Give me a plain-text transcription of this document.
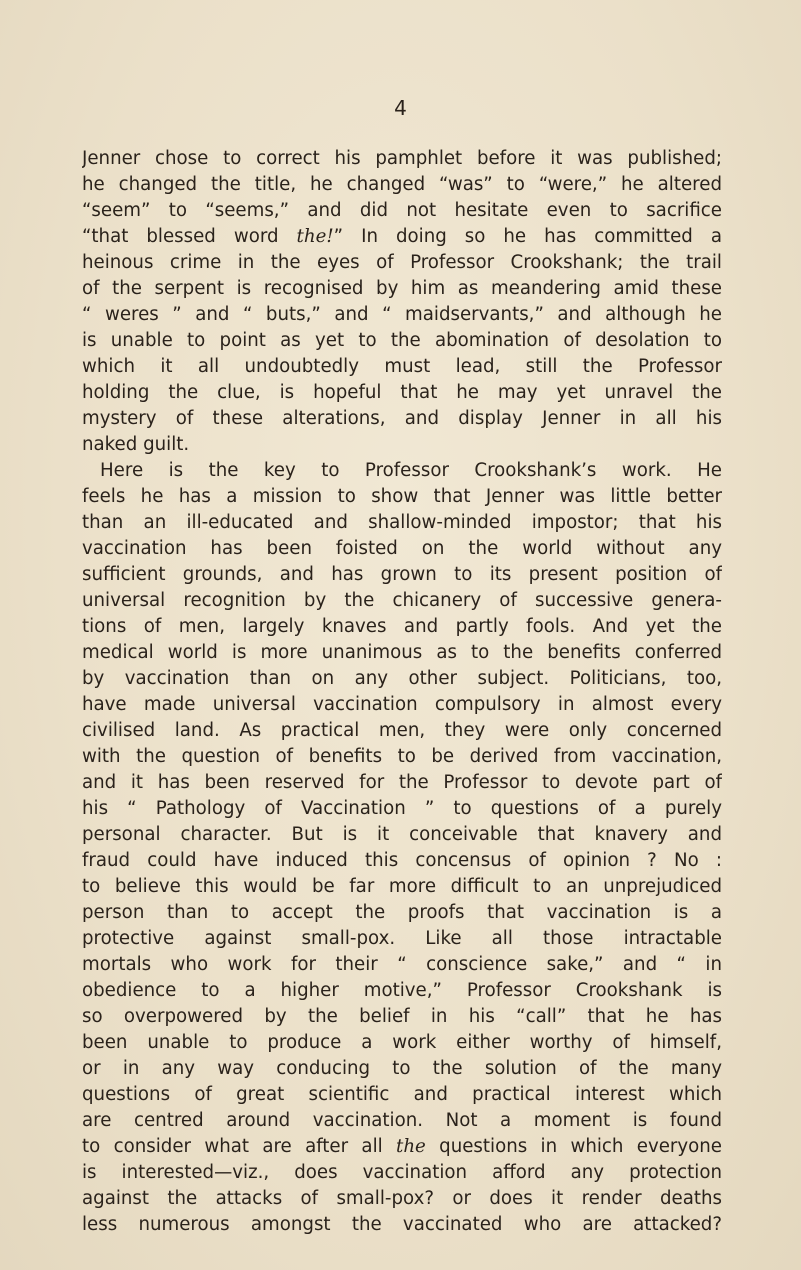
4
Jenner chose to correct his pamphlet before it was published;
he changed the title, he changed “was” to “were,” he altered
“seem” to “seems,” and did not hesitate even to sacrifice
“that blessed word the!” In doing so he has committed a
heinous crime in the eyes of Professor Crookshank; the trail
of the serpent is recognised by him as meandering amid these
“ weres ” and “ buts,” and “ maidservants,” and although he
is unable to point as yet to the abomination of desolation to
which it all undoubtedly must lead, still the Professor
holding the clue, is hopeful that he may yet unravel the
mystery of these alterations, and display Jenner in all his
naked guilt.
Here is the key to Professor Crookshank’s work. He
feels he has a mission to show that Jenner was little better
than an ill-educated and shallow-minded impostor; that his
vaccination has been foisted on the world without any
sufficient grounds, and has grown to its present position of
universal recognition by the chicanery of successive genera-
tions of men, largely knaves and partly fools. And yet the
medical world is more unanimous as to the benefits conferred
by vaccination than on any other subject. Politicians, too,
have made universal vaccination compulsory in almost every
civilised land. As practical men, they were only concerned
with the question of benefits to be derived from vaccination,
and it has been reserved for the Professor to devote part of
his “ Pathology of Vaccination ” to questions of a purely
personal character. But is it conceivable that knavery and
fraud could have induced this concensus of opinion ? No :
to believe this would be far more difficult to an unprejudiced
person than to accept the proofs that vaccination is a
protective against small-pox. Like all those intractable
mortals who work for their “ conscience sake,” and “ in
obedience to a higher motive,” Professor Crookshank is
so overpowered by the belief in his “call” that he has
been unable to produce a work either worthy of himself,
or in any way conducing to the solution of the many
questions of great scientific and practical interest which
are centred around vaccination. Not a moment is found
to consider what are after all the questions in which everyone
is interested—viz., does vaccination afford any protection
against the attacks of small-pox? or does it render deaths
less numerous amongst the vaccinated who are attacked?
